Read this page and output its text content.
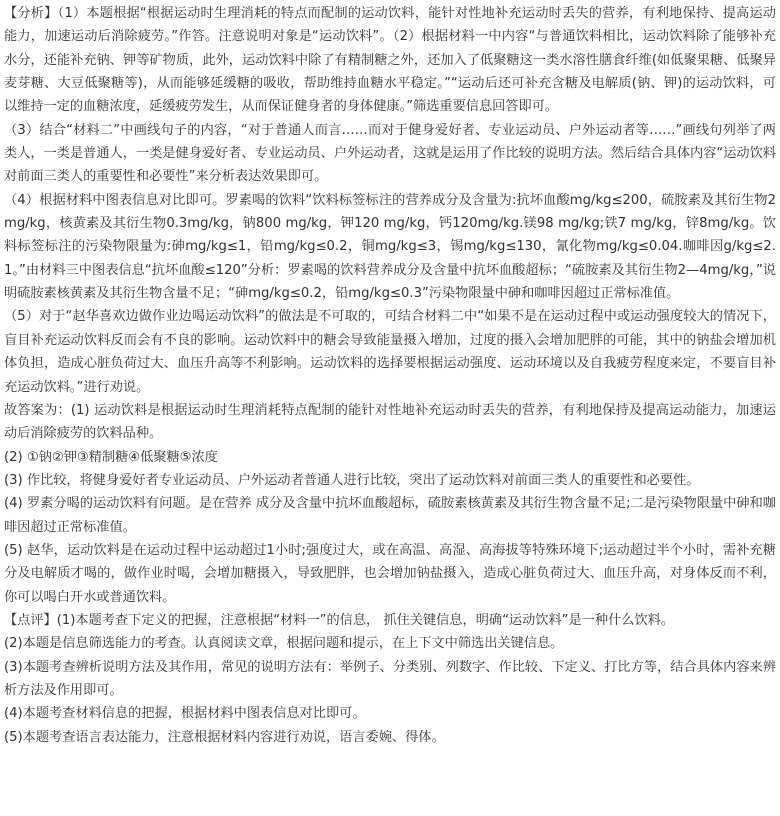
【分析】（1）本题根据“根据运动时生理消耗的特点而配制的运动饮料，能针对性地补充运动时丢失的营养，有利地保持、提高运动能力，加速运动后消除疲劳。”作答。注意说明对象是“运动饮料”。（2）根据材料一中内容“与普通饮料相比，运动饮料除了能够补充水分，还能补充钠、钾等矿物质，此外，运动饮料中除了有精制糖之外，还加入了低聚糖这一类水溶性膳食纤维(如低聚果糖、低聚异麦芽糖、大豆低聚糖等)，从而能够延缓糖的吸收，帮助维持血糖水平稳定。”“运动后还可补充含糖及电解质(钠、钾)的运动饮料，可以维持一定的血糖浓度，延缓疲劳发生，从而保证健身者的身体健康。”筛选重要信息回答即可。

（3）结合“材料二”中画线句子的内容，“对于普通人而言……而对于健身爱好者、专业运动员、户外运动者等……”画线句列举了两类人，一类是普通人，一类是健身爱好者、专业运动员、户外运动者，这就是运用了作比较的说明方法。然后结合具体内容“运动饮料对前面三类人的重要性和必要性”来分析表达效果即可。

（4）根据材料中图表信息对比即可。罗素喝的饮料“饮料标签标注的营养成分及含量为:抗坏血酸mg/kg≤200，硫胺素及其衍生物2 mg/kg，核黄素及其衍生物0.3mg/kg，钠800 mg/kg，钾120 mg/kg，钙120mg/kg.镁98 mg/kg;铁7 mg/kg，锌8mg/kg。饮料标签标注的污染物限量为:砷mg/kg≤1，铅mg/kg≤0.2，铜mg/kg≤3，锡mg/kg≤130，氰化物mg/kg≤0.04.咖啡因g/kg≤2. 1。”由材料三中图表信息“抗坏血酸≤120”分析：罗素喝的饮料营养成分及含量中抗坏血酸超标；“硫胺素及其衍生物2—4mg/kg，”说明硫胺素核黄素及其衍生物含量不足；“砷mg/kg≤0.2，铅mg/kg≤0.3”污染物限量中砷和咖啡因超过正常标准值。

（5）对于“赵华喜欢边做作业边喝运动饮料”的做法是不可取的，可结合材料二中“如果不是在运动过程中或运动强度较大的情况下，盲目补充运动饮料反而会有不良的影响。运动饮料中的糖会导致能量摄入增加，过度的摄入会增加肥胖的可能，其中的钠盐会增加机体负担，造成心脏负荷过大、血压升高等不利影响。运动饮料的选择要根据运动强度、运动环境以及自我疲劳程度来定，不要盲目补充运动饮料。”进行劝说。

故答案为：(1) 运动饮料是根据运动时生理消耗特点配制的能针对性地补充运动时丢失的营养，有利地保持及提高运动能力，加速运动后消除疲劳的饮料品种。

(2) ①钠②钾③精制糖④低聚糖⑤浓度

(3) 作比较，将健身爱好者专业运动员、户外运动者普通人进行比较，突出了运动饮料对前面三类人的重要性和必要性。

(4) 罗素分喝的运动饮料有问题。是在营养 成分及含量中抗坏血酸超标，硫胺素核黄素及其衍生物含量不足;二是污染物限量中砷和咖啡因超过正常标准值。

(5) 赵华，运动饮料是在运动过程中运动超过1小时;强度过大，或在高温、高湿、高海拔等特殊环境下;运动超过半个小时，需补充糖分及电解质才喝的，做作业时喝，会增加糖摄入，导致肥胖，也会增加钠盐摄入，造成心脏负荷过大、血压升高，对身体反而不利，你可以喝白开水或普通饮料。

【点评】(1)本题考查下定义的把握，注意根据“材料一”的信息， 抓住关键信息，明确“运动饮料”是一种什么饮料。

(2)本题是信息筛选能力的考查。认真阅读文章，根据问题和提示，在上下文中筛选出关键信息。

(3)本题考查辨析说明方法及其作用，常见的说明方法有：举例子、分类别、列数字、作比较、下定义、打比方等，结合具体内容来辨析方法及作用即可。

(4)本题考查材料信息的把握，根据材料中图表信息对比即可。

(5)本题考查语言表达能力，注意根据材料内容进行劝说，语言委婉、得体。
